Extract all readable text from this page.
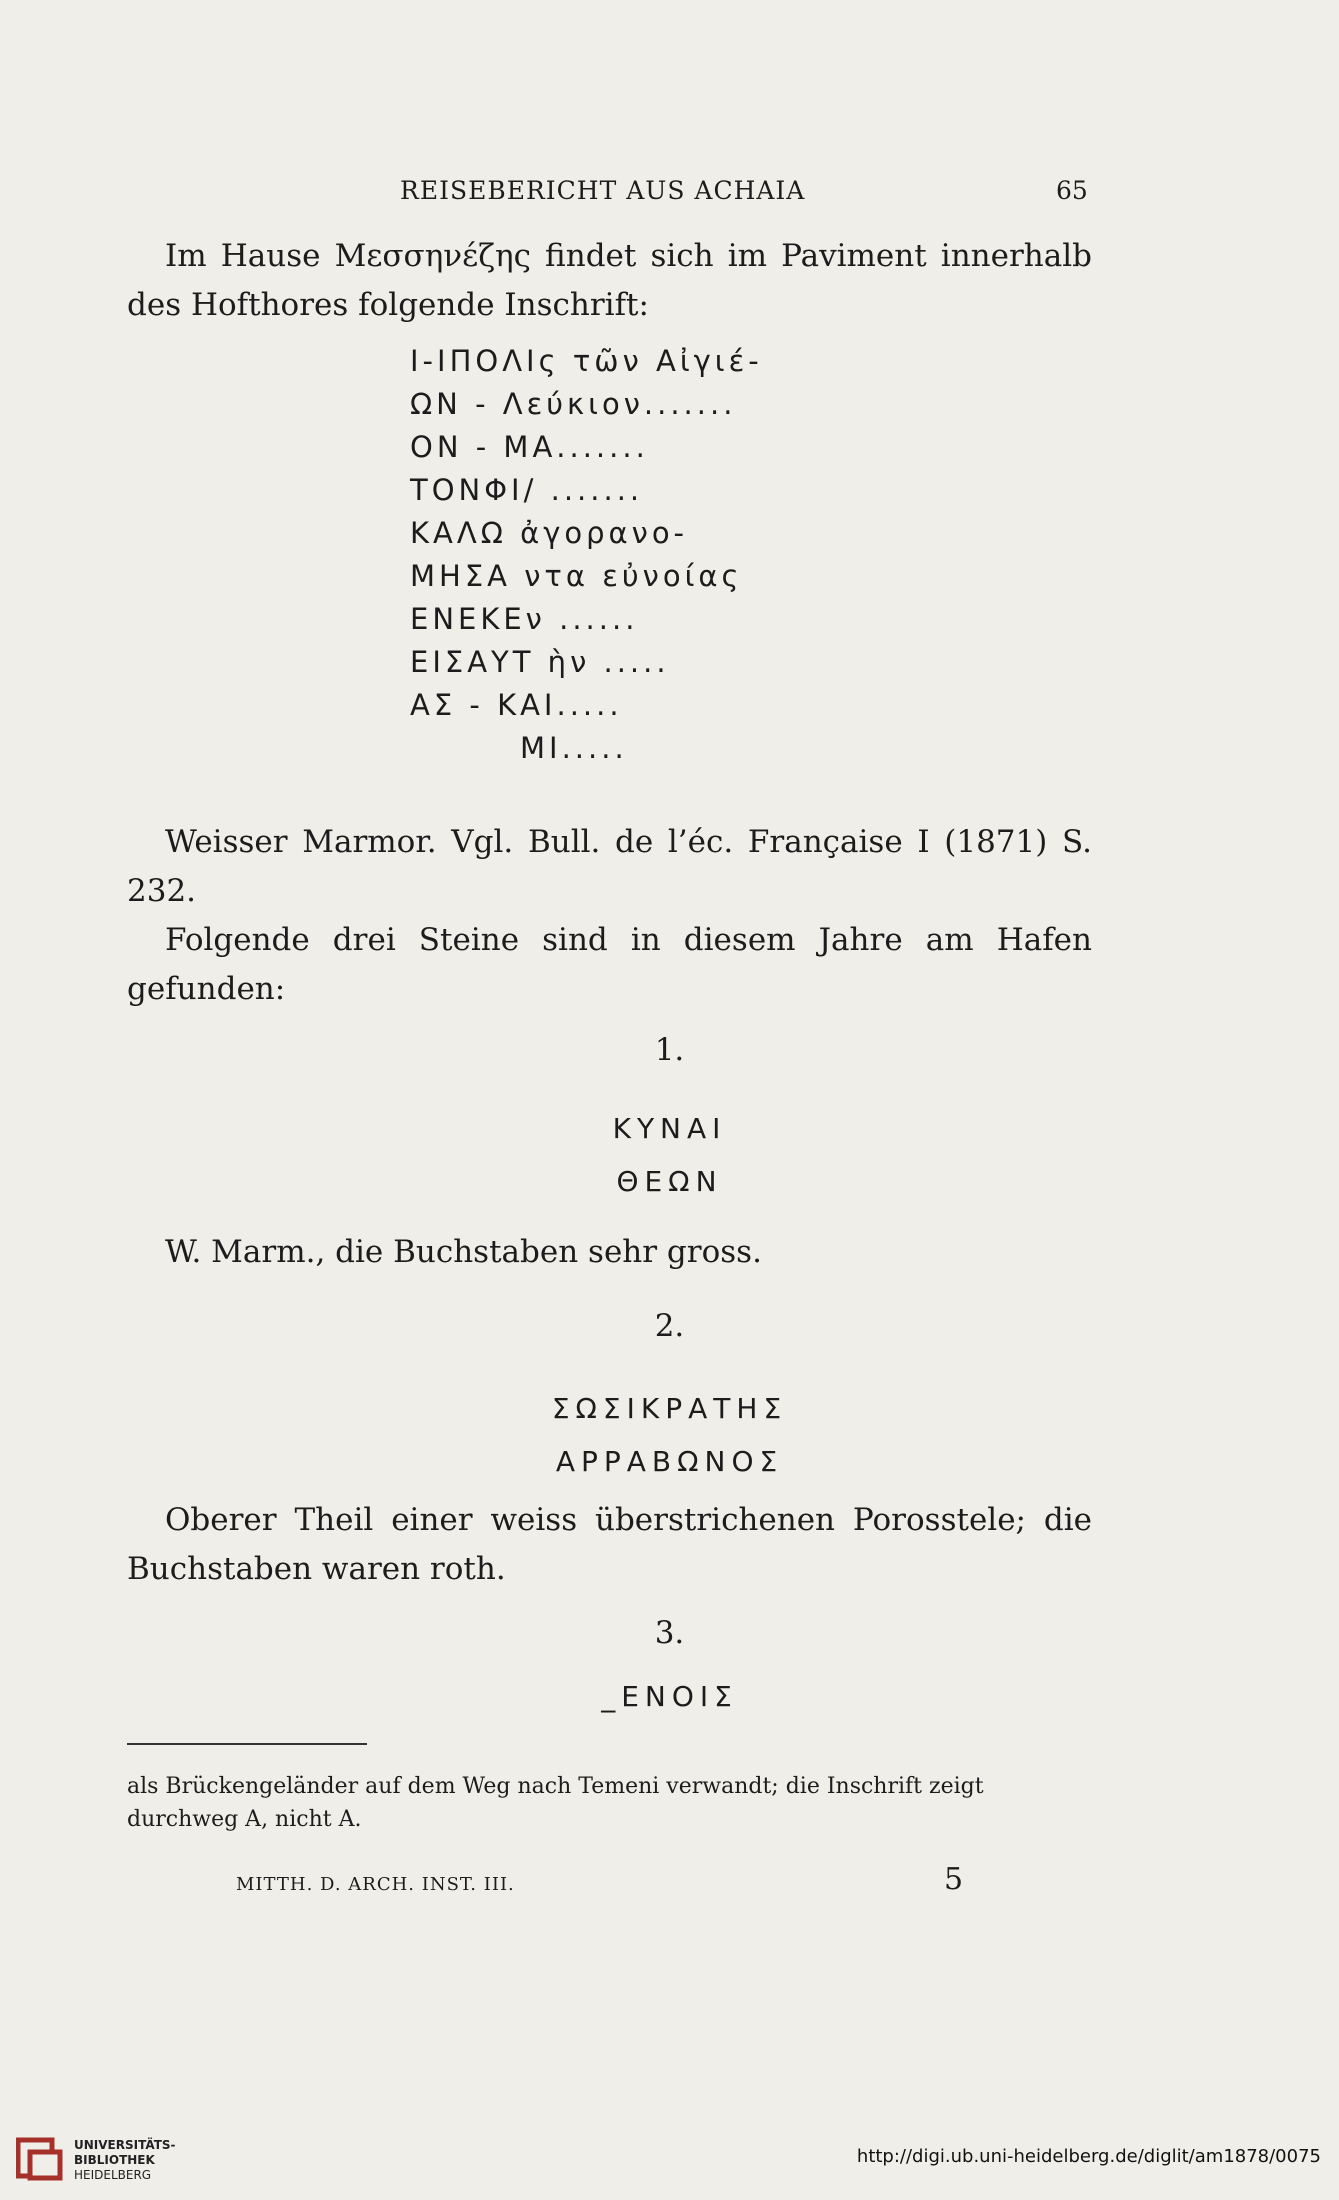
REISEBERICHT AUS ACHAIA	65

Im Hause Μεσσηνέζης findet sich im Paviment innerhalb des Hofthores folgende Inschrift:

Ι-ΙΠΟΛΙς τῶν Αἰγιέ-
ΩΝ - Λεύκιον.......
ΟΝ - ΜΑ.......
ΤΟΝΦΙ/ .......
ΚΑΛΩ ἀγορανο-
ΜΗΣΑ ντα εὐνοίας
ΕΝΕΚΕν ......
ΕΙΣΑΥΤ ὴν .....
ΑΣ - ΚΑΙ.....
ΜΙ.....

Weisser Marmor. Vgl. Bull. de l’éc. Française I (1871) S. 232.

Folgende drei Steine sind in diesem Jahre am Hafen gefunden:

1.
ΚΥΝΑΙ
ΘΕΩΝ

W. Marm., die Buchstaben sehr gross.

2.
ΣΩΣΙΚΡΑΤΗΣ
ΑΡΡΑΒΩΝΟΣ

Oberer Theil einer weiss überstrichenen Porosstele; die Buchstaben waren roth.

3.
_ΕΝΟΙΣ
als Brückengeländer auf dem Weg nach Temeni verwandt; die Inschrift zeigt durchweg Α, nicht A.
MITTH. D. ARCH. INST. III.	5
UNIVERSITÄTS-
BIBLIOTHEK
HEIDELBERG
http://digi.ub.uni-heidelberg.de/diglit/am1878/0075
